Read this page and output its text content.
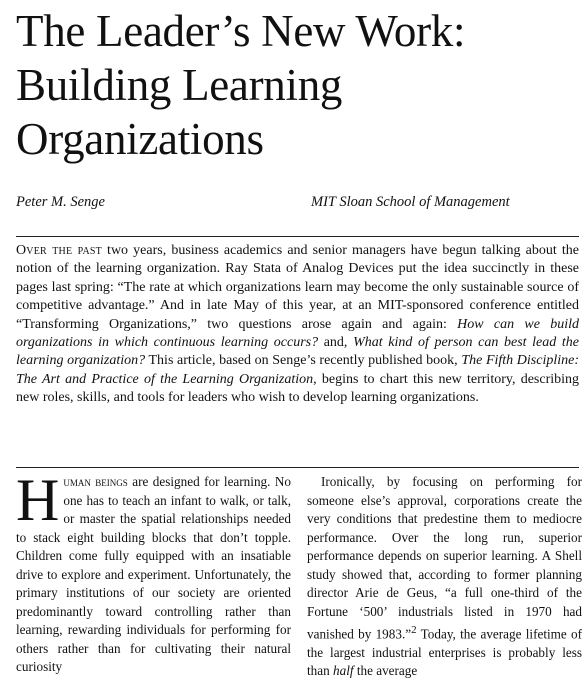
The Leader’s New Work:
Building Learning Organizations
Peter M. Senge	MIT Sloan School of Management

Over the past two years, business academics and senior managers have begun talking about the notion of the learning organization. Ray Stata of Analog Devices put the idea succinctly in these pages last spring: “The rate at which organizations learn may become the only sustainable source of competitive advantage.” And in late May of this year, at an MIT-sponsored conference entitled “Transforming Organizations,” two questions arose again and again: How can we build organizations in which continuous learning occurs? and, What kind of person can best lead the learning organization? This article, based on Senge’s recently published book, The Fifth Discipline: The Art and Practice of the Learning Organization, begins to chart this new territory, describing new roles, skills, and tools for leaders who wish to develop learning organizations.

Human beings are designed for learning. No one has to teach an infant to walk, or talk, or master the spatial relationships needed to stack eight building blocks that don’t topple. Children come fully equipped with an insatiable drive to explore and experiment. Unfortunately, the primary institutions of our society are oriented predominantly toward controlling rather than learning, rewarding individuals for performing for others rather than for cultivating their natural curiosity

Ironically, by focusing on performing for someone else’s approval, corporations create the very conditions that predestine them to mediocre performance. Over the long run, superior performance depends on superior learning. A Shell study showed that, according to former planning director Arie de Geus, “a full one-third of the Fortune ‘500’ industrials listed in 1970 had vanished by 1983.”$^2$ Today, the average lifetime of the largest industrial enterprises is probably less than half the average
